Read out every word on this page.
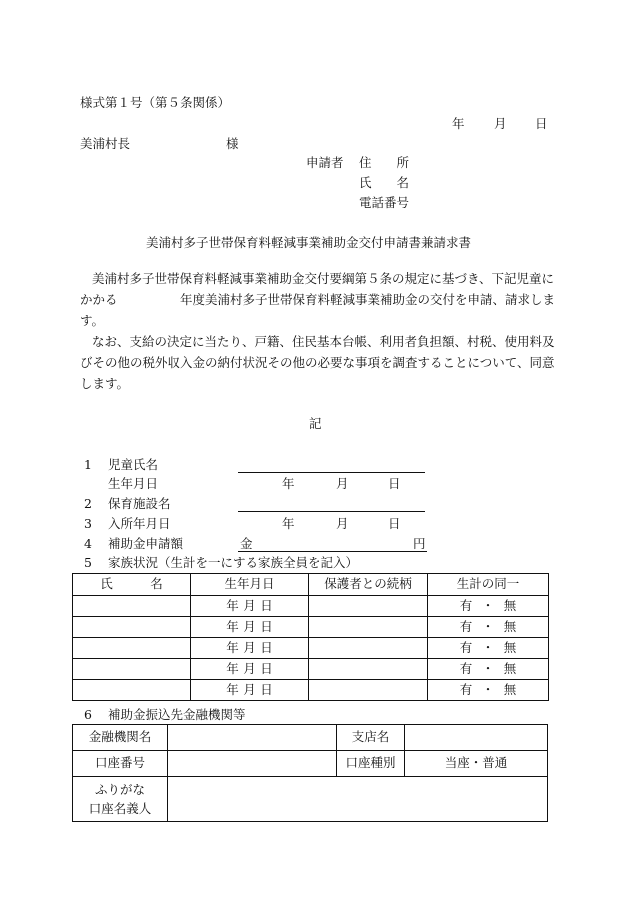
様式第１号（第５条関係）
年 月 日
美浦村長	様
申請者 住　　所
氏　　名
電話番号
美浦村多子世帯保育料軽減事業補助金交付申請書兼請求書

美浦村多子世帯保育料軽減事業補助金交付要綱第５条の規定に基づき、下記児童にかかる　　　　　年度美浦村多子世帯保育料軽減事業補助金の交付を申請、請求します。

なお、支給の決定に当たり、戸籍、住民基本台帳、利用者負担額、村税、使用料及びその他の税外収入金の納付状況その他の必要な事項を調査することについて、同意します。

記
1 児童氏名
生年月日	年	月	日
2 保育施設名
3 入所年月日	年	月	日
4 補助金申請額	金	円
5 家族状況（生計を一にする家族全員を記入）
氏　　　名	生年月日	保護者との続柄	生計の同一
	年 月 日		有 ・ 無
	年 月 日		有 ・ 無
	年 月 日		有 ・ 無
	年 月 日		有 ・ 無
	年 月 日		有 ・ 無
6 補助金振込先金融機関等
金融機関名		支店名	
口座番号		口座種別	当座・普通

ふりがな
口座名義人			
